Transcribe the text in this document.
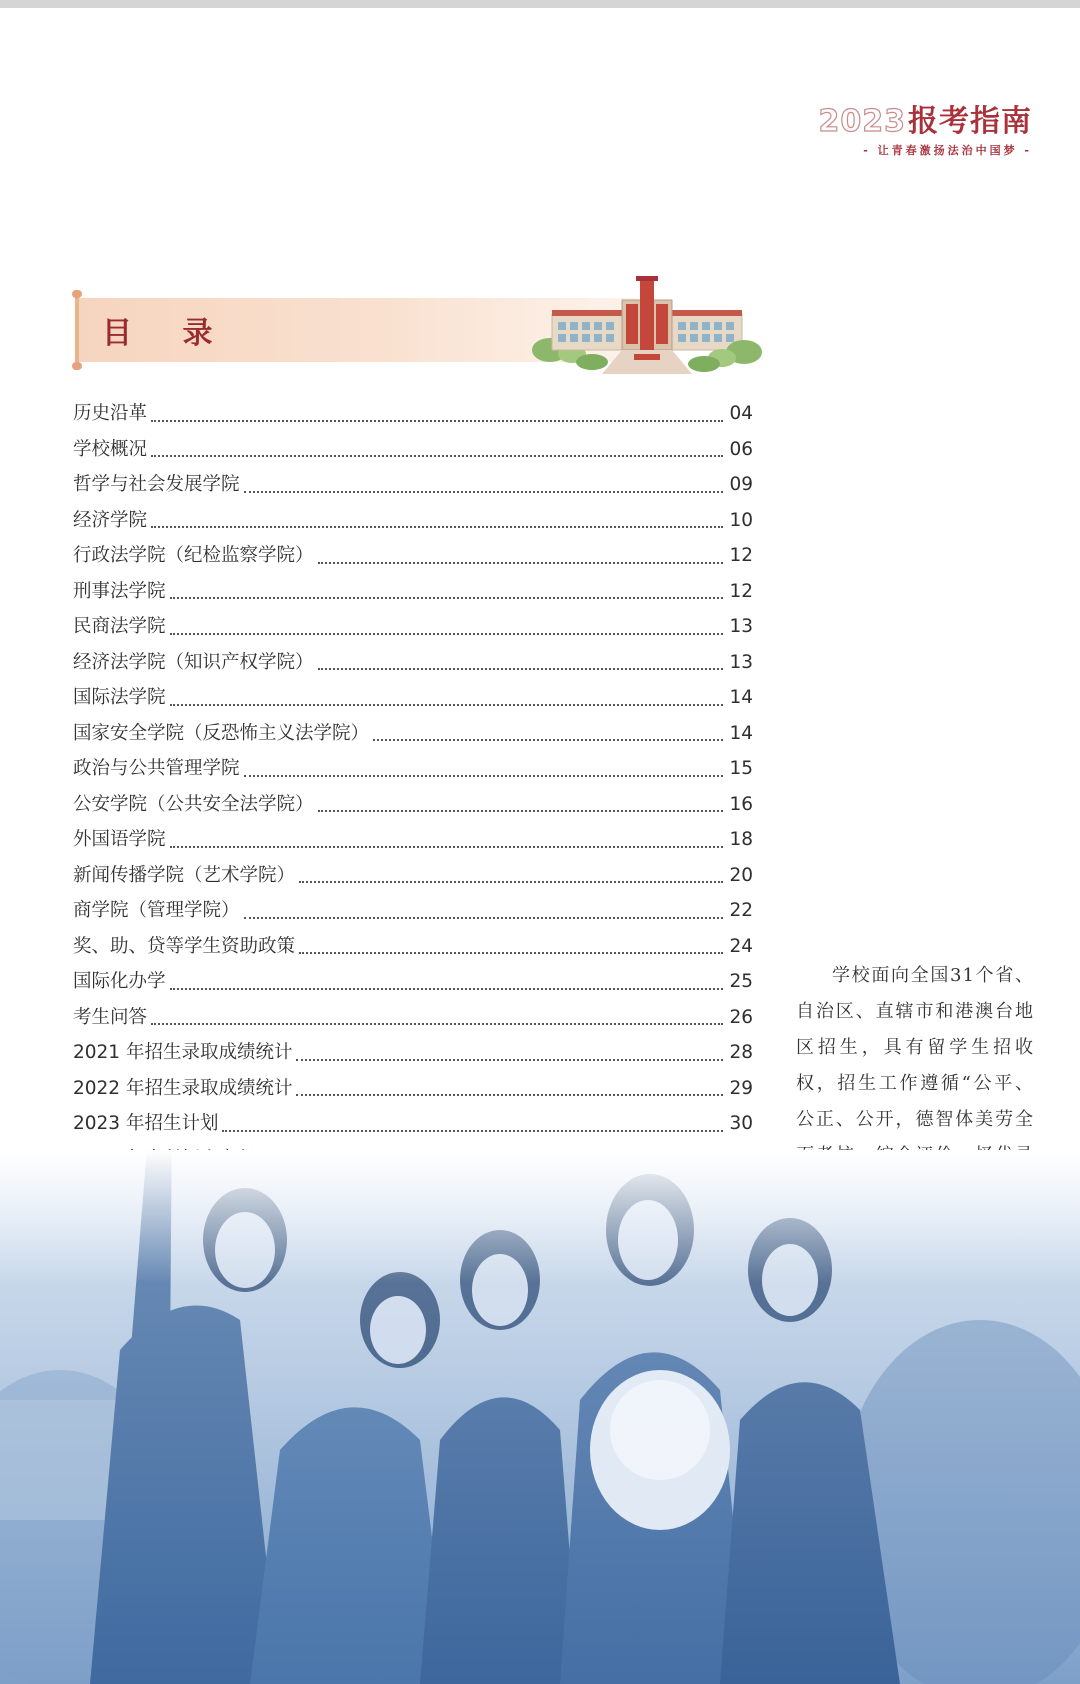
2023报考指南
- 让青春激扬法治中国梦 -
目 录
历史沿革	04
学校概况	06
哲学与社会发展学院	09
经济学院	10
行政法学院（纪检监察学院）	12
刑事法学院	12
民商法学院	13
经济法学院（知识产权学院）	13
国际法学院	14
国家安全学院（反恐怖主义法学院）	14
政治与公共管理学院	15
公安学院（公共安全法学院）	16
外国语学院	18
新闻传播学院（艺术学院）	20
商学院（管理学院）	22
奖、助、贷等学生资助政策	24
国际化办学	25
考生问答	26
2021 年招生录取成绩统计	28
2022 年招生录取成绩统计	29
2023 年招生计划	30
学校面向全国31个省、自治区、直辖市和港澳台地区招生，具有留学生招收权，招生工作遵循“公平、公正、公开，德智体美劳全
